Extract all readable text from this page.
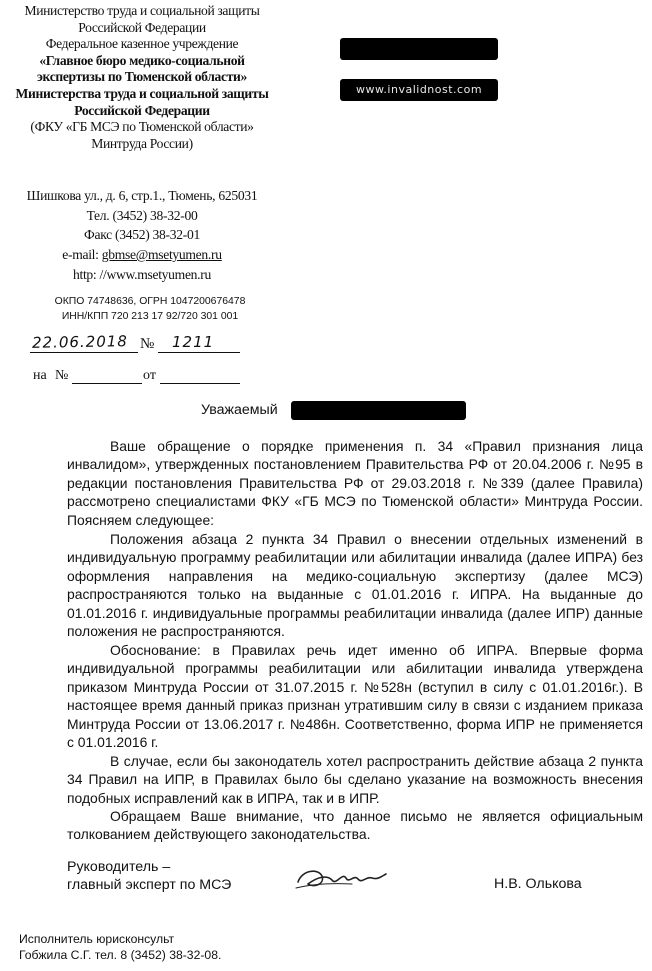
Министерство труда и социальной защиты
Российской Федерации
Федеральное казенное учреждение
«Главное бюро медико-социальной
экспертизы по Тюменской области»
Министерства труда и социальной защиты
Российской Федерации
(ФКУ «ГБ МСЭ по Тюменской области»
Минтруда России)
Шишкова ул., д. 6, стр.1., Тюмень, 625031
Тел. (3452) 38-32-00
Факс (3452) 38-32-01
e-mail: gbmse@msetyumen.ru
http: //www.msetyumen.ru
ОКПО 74748636, ОГРН 1047200676478
ИНН/КПП 720 213 17 92/720 301 001
22.06.2018 № 1211
на №	от
www.invalidnost.com
Уважаемый
Ваше обращение о порядке применения п. 34 «Правил признания лица инвалидом», утвержденных постановлением Правительства РФ от 20.04.2006 г. №95 в редакции постановления Правительства РФ от 29.03.2018 г. №339 (далее Правила) рассмотрено специалистами ФКУ «ГБ МСЭ по Тюменской области» Минтруда России. Поясняем следующее:
Положения абзаца 2 пункта 34 Правил о внесении отдельных изменений в индивидуальную программу реабилитации или абилитации инвалида (далее ИПРА) без оформления направления на медико-социальную экспертизу (далее МСЭ) распространяются только на выданные с 01.01.2016 г. ИПРА. На выданные до 01.01.2016 г. индивидуальные программы реабилитации инвалида (далее ИПР) данные положения не распространяются.
Обоснование: в Правилах речь идет именно об ИПРА. Впервые форма индивидуальной программы реабилитации или абилитации инвалида утверждена приказом Минтруда России от 31.07.2015 г. №528н (вступил в силу с 01.01.2016г.). В настоящее время данный приказ признан утратившим силу в связи с изданием приказа Минтруда России от 13.06.2017 г. №486н. Соответственно, форма ИПР не применяется с 01.01.2016 г.
В случае, если бы законодатель хотел распространить действие абзаца 2 пункта 34 Правил на ИПР, в Правилах было бы сделано указание на возможность внесения подобных исправлений как в ИПРА, так и в ИПР.
Обращаем Ваше внимание, что данное письмо не является официальным толкованием действующего законодательства.
Руководитель –
главный эксперт по МСЭ	Н.В. Олькова
Исполнитель юрисконсульт
Гобжила С.Г. тел. 8 (3452) 38-32-08.
